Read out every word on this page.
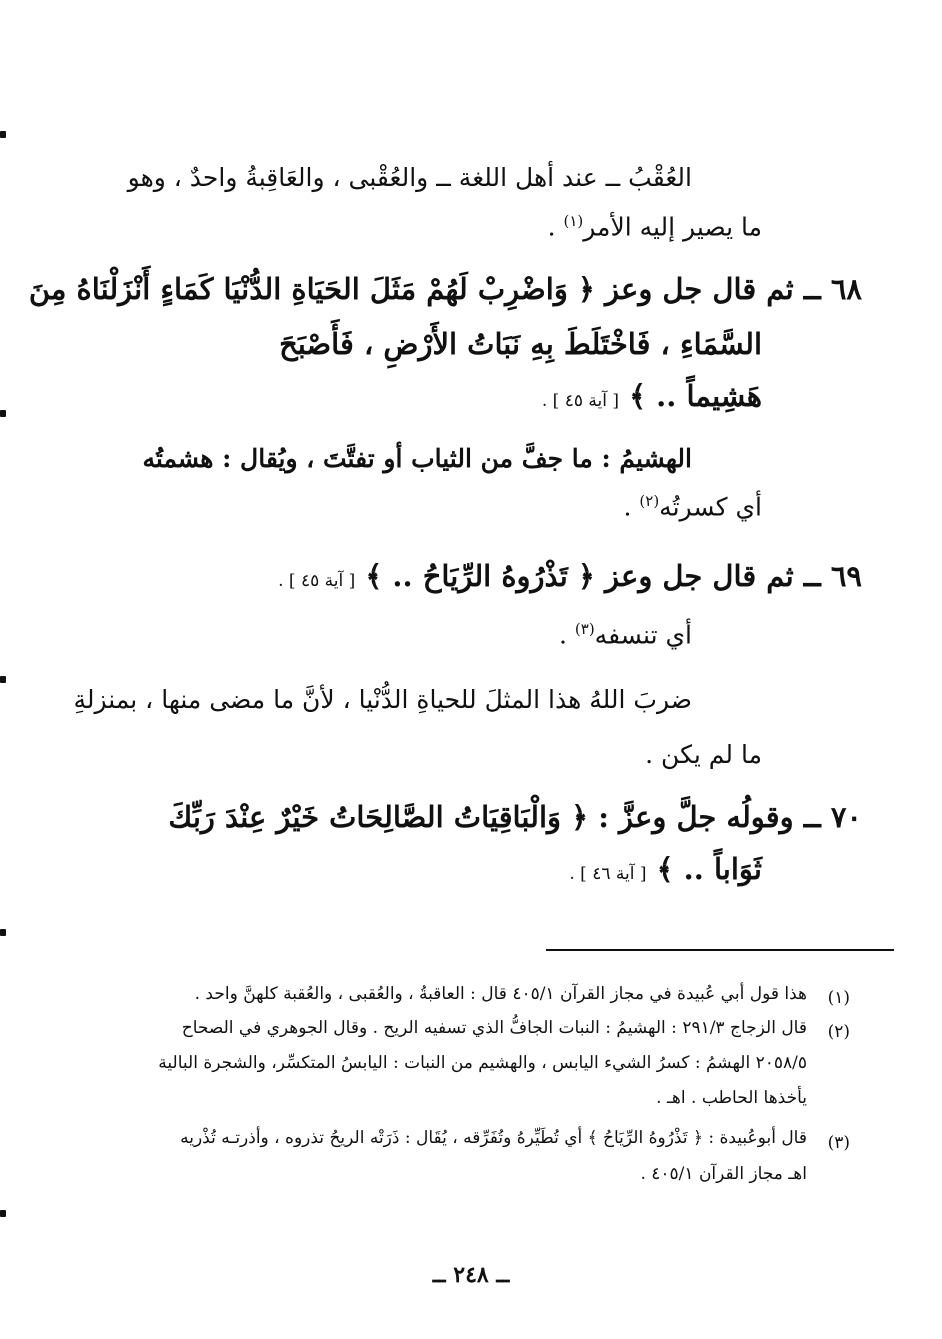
العُقْبُ ــ عند أهل اللغة ــ والعُقْبى ، والعَاقِبةُ واحدٌ ، وهو
ما يصير إليه الأمر$^{(١)}$ .
٦٨ ــ ثم قال جل وعز ﴿ وَاضْرِبْ لَهُمْ مَثَلَ الحَيَاةِ الدُّنْيَا كَمَاءٍ أَنْزَلْنَاهُ مِنَ
السَّمَاءِ ، فَاخْتَلَطَ بِهِ نَبَاتُ الأَرْضِ ، فَأَصْبَحَ
هَشِيماً .. ﴾ [ آية ٤٥ ] .
الهشيمُ : ما جفَّ من الثياب أو تفتَّتَ ، ويُقال : هشمتُه
أي كسرتُه$^{(٢)}$ .
٦٩ ــ ثم قال جل وعز ﴿ تَذْرُوهُ الرِّيَاحُ .. ﴾ [ آية ٤٥ ] .
أي تنسفه$^{(٣)}$ .
ضربَ اللهُ هذا المثلَ للحياةِ الدُّنْيا ، لأنَّ ما مضى منها ، بمنزلةِ
ما لم يكن .
٧٠ ــ وقولُه جلَّ وعزَّ : ﴿ وَالْبَاقِيَاتُ الصَّالِحَاتُ خَيْرٌ عِنْدَ رَبِّكَ
ثَوَاباً .. ﴾ [ آية ٤٦ ] .
(١)
هذا قول أبي عُبيدة في مجاز القرآن ٤٠٥/١ قال : العاقبةُ ، والعُقبى ، والعُقبة كلهنَّ واحد .
(٢)
قال الزجاج ٢٩١/٣ : الهشيمُ : النبات الجافُّ الذي تسفيه الريح . وقال الجوهري في الصحاح
٢٠٥٨/٥ الهشمُ : كسرُ الشيء اليابس ، والهشيم من النبات : اليابسُ المتكسِّر، والشجرة البالية
يأخذها الحاطب . اهـ .
(٣)
قال أبوعُبيدة : ﴿ تَذْرُوهُ الرِّيَاحُ ﴾ أي تُطَيِّرهُ وتُفَرِّقه ، يُقَال : ذَرَتْه الريحُ تذروه ، وأذرتـه تُذْريه
اهـ مجاز القرآن ٤٠٥/١ .
ــ ٢٤٨ ــ
